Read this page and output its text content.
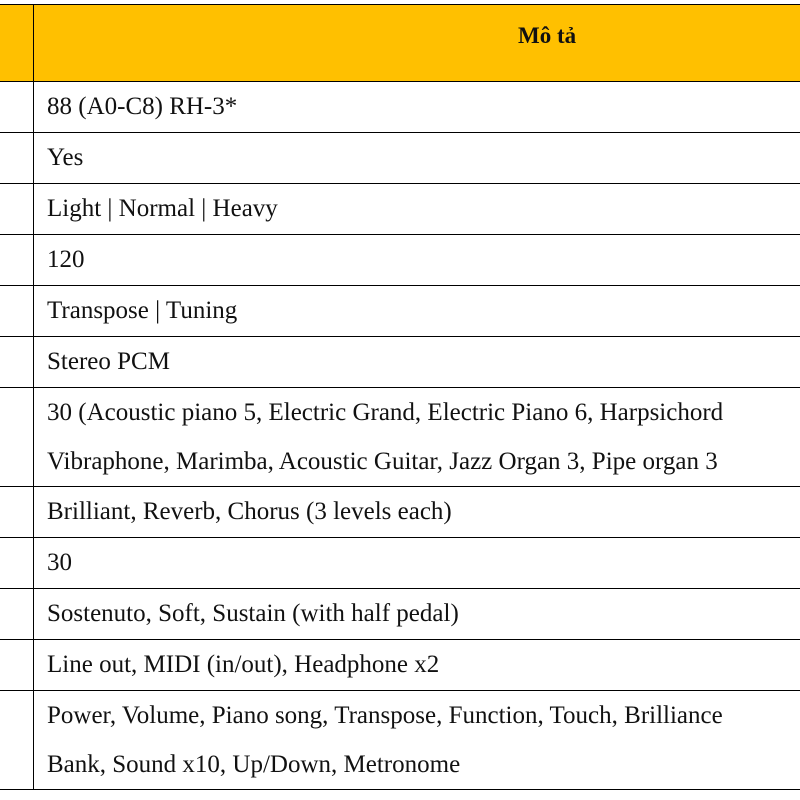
	Mô tả

	88 (A0-C8) RH-3*

	Yes

	Light | Normal | Heavy

	120

	Transpose | Tuning

	Stereo PCM

	30 (Acoustic piano 5, Electric Grand, Electric Piano 6, Harpsichord
Vibraphone, Marimba, Acoustic Guitar, Jazz Organ 3, Pipe organ 3

	Brilliant, Reverb, Chorus (3 levels each)

	30

	Sostenuto, Soft, Sustain (with half pedal)

	Line out, MIDI (in/out), Headphone x2

	Power, Volume, Piano song, Transpose, Function, Touch, Brilliance
Bank, Sound x10, Up/Down, Metronome
